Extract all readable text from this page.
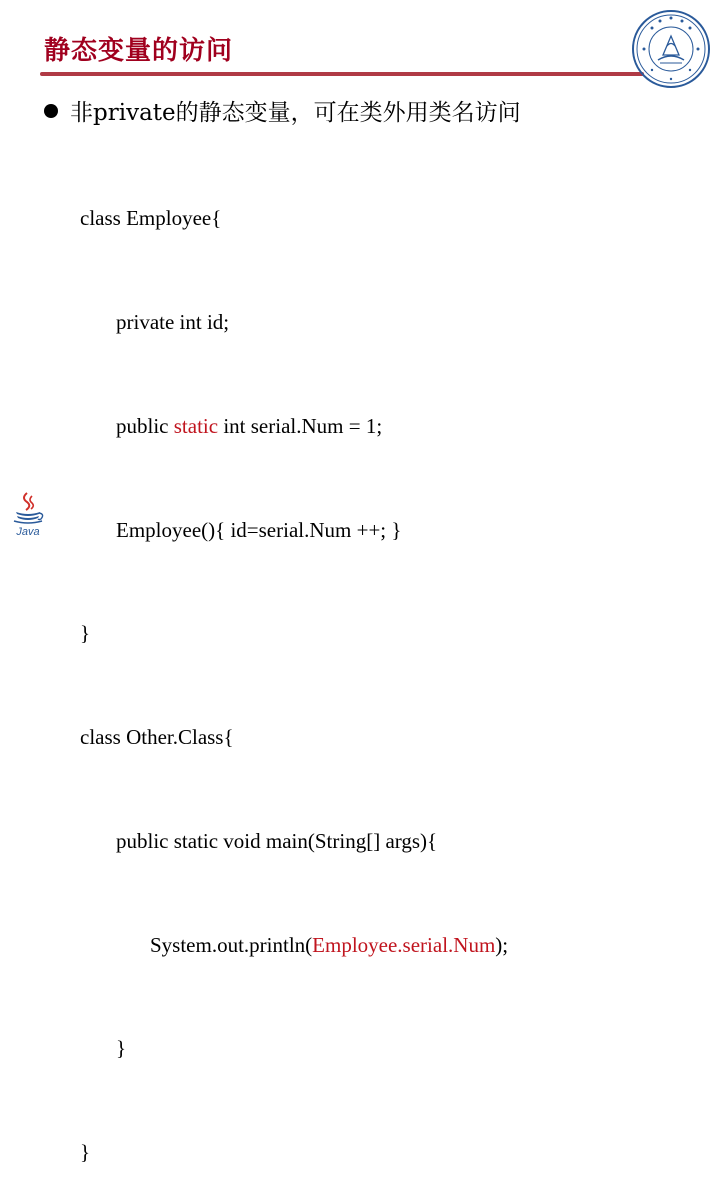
静态变量的访问
非private的静态变量，可在类外用类名访问

class Employee{

private int id;

public static int serial.Num = 1;

Employee(){ id=serial.Num ++; }

}

class Other.Class{

public static void main(String[] args){

System.out.println(Employee.serial.Num);

}

}

Java
